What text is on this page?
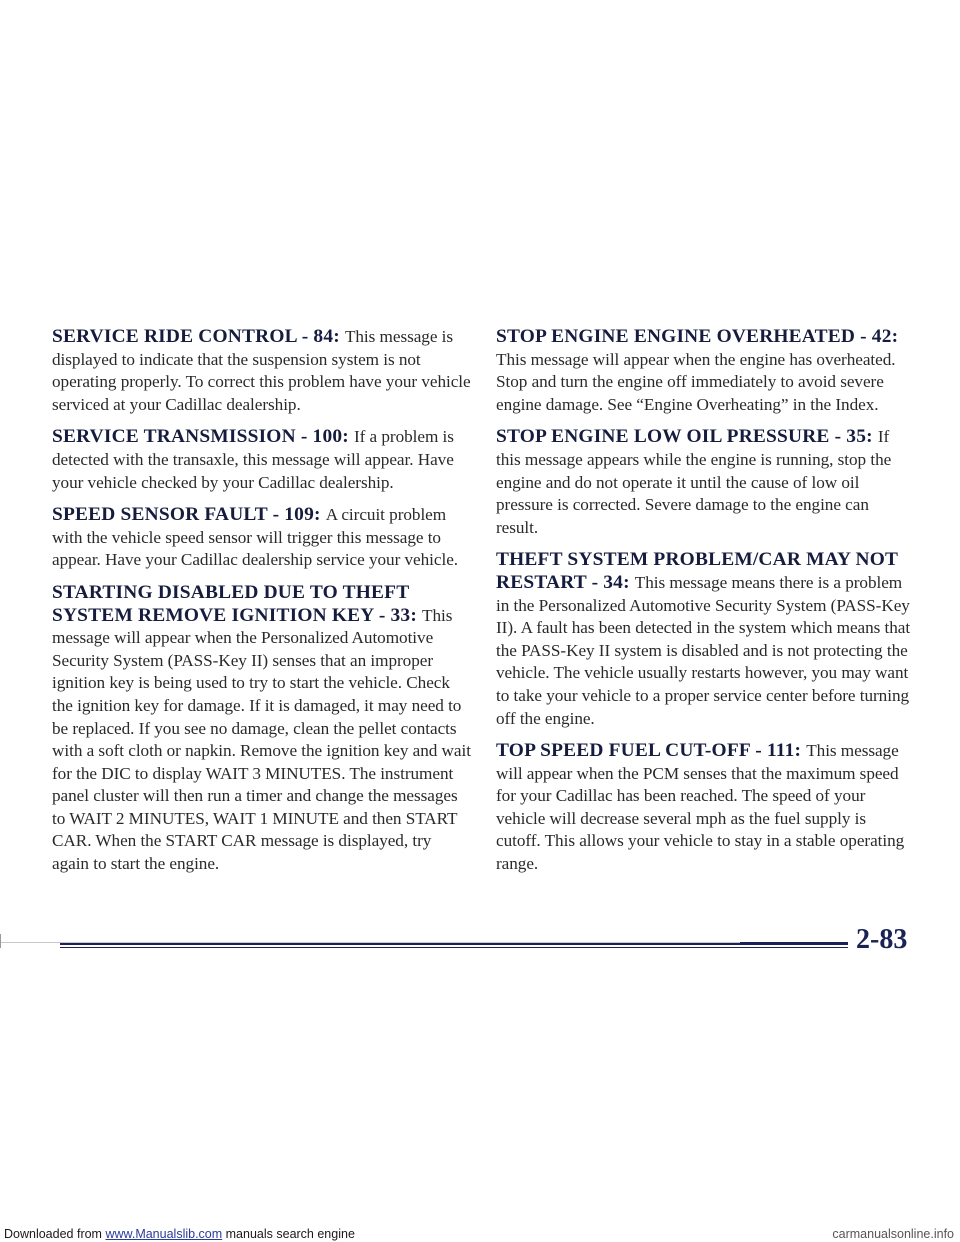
SERVICE RIDE CONTROL - 84: This message is displayed to indicate that the suspension system is not operating properly. To correct this problem have your vehicle serviced at your Cadillac dealership.

SERVICE TRANSMISSION - 100: If a problem is detected with the transaxle, this message will appear. Have your vehicle checked by your Cadillac dealership.

SPEED SENSOR FAULT - 109: A circuit problem with the vehicle speed sensor will trigger this message to appear. Have your Cadillac dealership service your vehicle.

STARTING DISABLED DUE TO THEFT SYSTEM REMOVE IGNITION KEY - 33: This message will appear when the Personalized Automotive Security System (PASS-Key II) senses that an improper ignition key is being used to try to start the vehicle. Check the ignition key for damage. If it is damaged, it may need to be replaced. If you see no damage, clean the pellet contacts with a soft cloth or napkin. Remove the ignition key and wait for the DIC to display WAIT 3 MINUTES. The instrument panel cluster will then run a timer and change the messages to WAIT 2 MINUTES, WAIT 1 MINUTE and then START CAR. When the START CAR message is displayed, try again to start the engine.

STOP ENGINE ENGINE OVERHEATED - 42: This message will appear when the engine has overheated. Stop and turn the engine off immediately to avoid severe engine damage. See “Engine Overheating” in the Index.

STOP ENGINE LOW OIL PRESSURE - 35: If this message appears while the engine is running, stop the engine and do not operate it until the cause of low oil pressure is corrected. Severe damage to the engine can result.

THEFT SYSTEM PROBLEM/CAR MAY NOT RESTART - 34: This message means there is a problem in the Personalized Automotive Security System (PASS-Key II). A fault has been detected in the system which means that the PASS-Key II system is disabled and is not protecting the vehicle. The vehicle usually restarts however, you may want to take your vehicle to a proper service center before turning off the engine.

TOP SPEED FUEL CUT-OFF - 111: This message will appear when the PCM senses that the maximum speed for your Cadillac has been reached. The speed of your vehicle will decrease several mph as the fuel supply is cutoff. This allows your vehicle to stay in a stable operating range.

2-83
Downloaded from www.Manualslib.com manuals search engine	carmanualsonline.info
